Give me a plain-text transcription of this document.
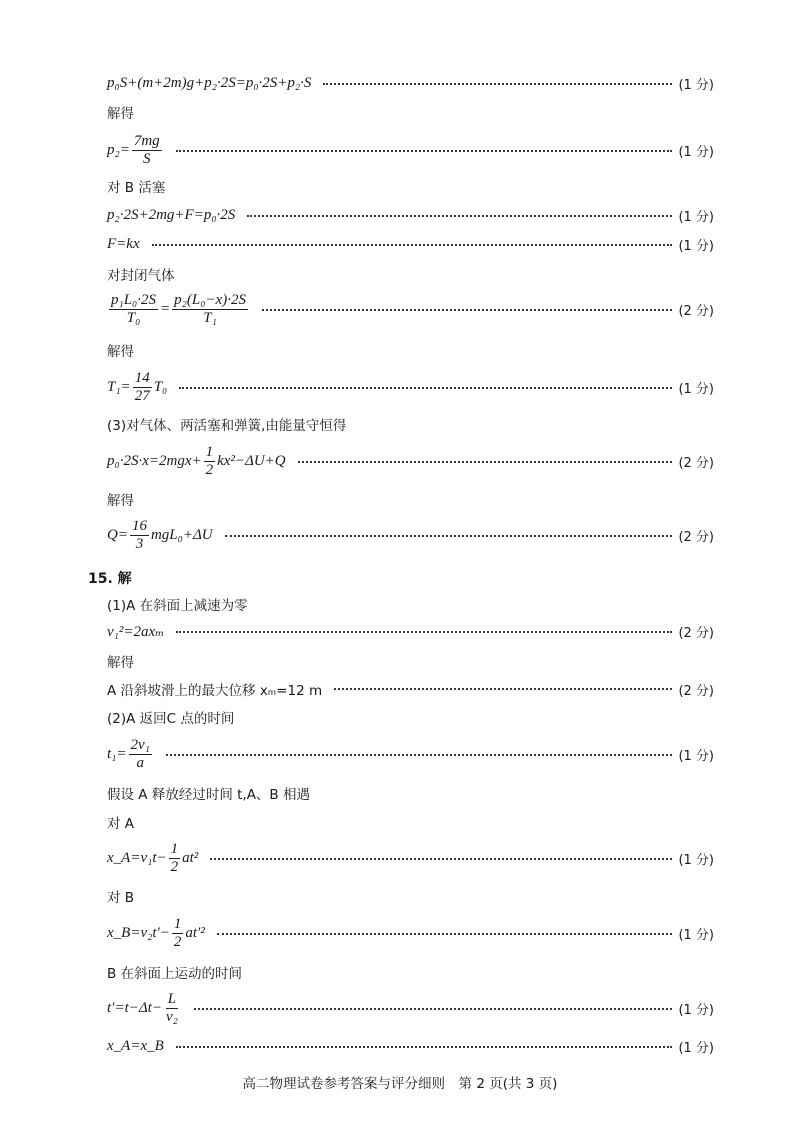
p₀S+(m+2m)g+p₂·2S=p₀·2S+p₂·S	(1 分)
解得
$p_2= \frac{7mg}{S}$	(1 分)
对 B 活塞
p₂·2S+2mg+F=p₀·2S	(1 分)
F=kx	(1 分)
对封闭气体
$\frac{\text{p₁L₀·2S}}{\text{T₀}} = \frac{\text{p₂(L₀−x)·2S}}{\text{T₁}}$	(2 分)
解得
$T_1= \frac{14}{27} T_0$	(1 分)
(3)对气体、两活塞和弹簧,由能量守恒得
$p_0\cdot 2S\cdot x=2mgx+ \frac{1}{2} kx^2-\Delta U+Q$	(2 分)
解得
$Q= \frac{16}{3} mgL_0+\Delta U$	(2 分)
15. 解
(1)A 在斜面上减速为零
v₁²=2axₘ	(2 分)
解得
A 沿斜坡滑上的最大位移 xₘ=12 m	(2 分)
(2)A 返回C 点的时间
$t_1= \frac{\text{2v₁}}{a}$	(1 分)
假设 A 释放经过时间 t,A、B 相遇
对 A
x_A=v₁t− $\frac{1}{2} at^2$	(1 分)
对 B
x_B=v₂t′− $\frac{1}{2} at'^2$	(1 分)
B 在斜面上运动的时间
$t'=t-\Delta t- \frac{L}{\text{v₂}}$	(1 分)
x_A=x_B	(1 分)
高二物理试卷参考答案与评分细则　第 2 页(共 3 页)
